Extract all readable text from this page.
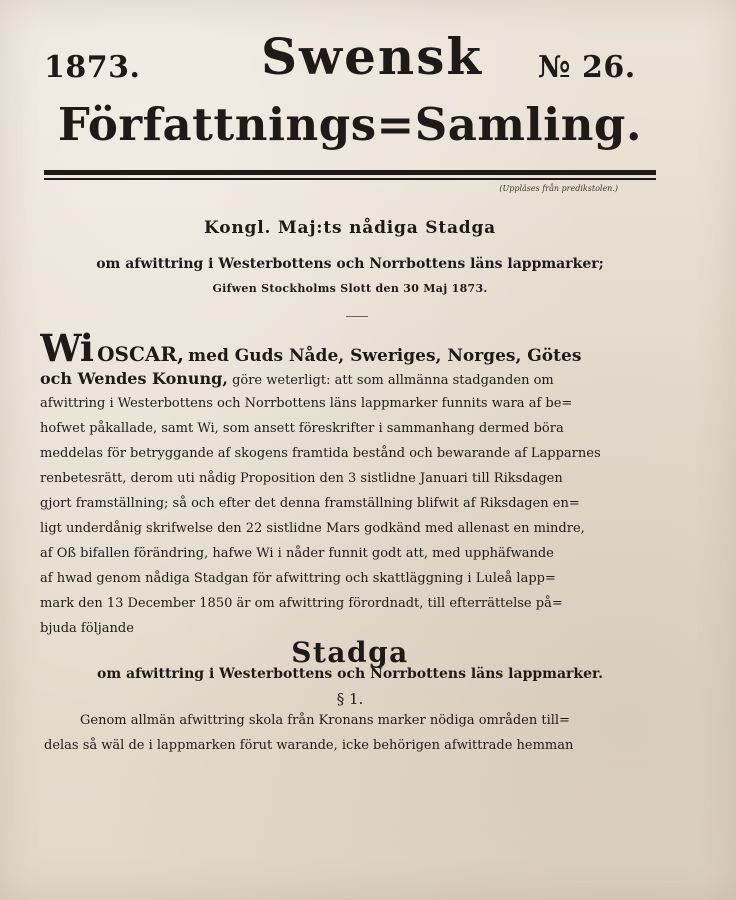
1873.	Swensk	№ 26.
Författnings=Samling.
(Uppläses från predikstolen.)
Kongl. Maj:ts nådiga Stadga
om afwittring i Westerbottens och Norrbottens läns lappmarker;
Gifwen Stockholms Slott den 30 Maj 1873.
Wi OSCAR, med Guds Nåde, Sweriges, Norges, Götes
och Wendes Konung, göre weterligt: att som allmänna stadganden om
afwittring i Westerbottens och Norrbottens läns lappmarker funnits wara af be=
hofwet påkallade, samt Wi, som ansett föreskrifter i sammanhang dermed böra
meddelas för betryggande af skogens framtida bestånd och bewarande af Lapparnes
renbetesrätt, derom uti nådig Proposition den 3 sistlidne Januari till Riksdagen
gjort framställning; så och efter det denna framställning blifwit af Riksdagen en=
ligt underdånig skrifwelse den 22 sistlidne Mars godkänd med allenast en mindre,
af Oß bifallen förändring, hafwe Wi i nåder funnit godt att, med upphäfwande
af hwad genom nådiga Stadgan för afwittring och skattläggning i Luleå lapp=
mark den 13 December 1850 är om afwittring förordnadt, till efterrättelse på=
bjuda följande
Stadga
om afwittring i Westerbottens och Norrbottens läns lappmarker.
§ 1.
Genom allmän afwittring skola från Kronans marker nödiga områden till=
delas så wäl de i lappmarken förut warande, icke behörigen afwittrade hemman
